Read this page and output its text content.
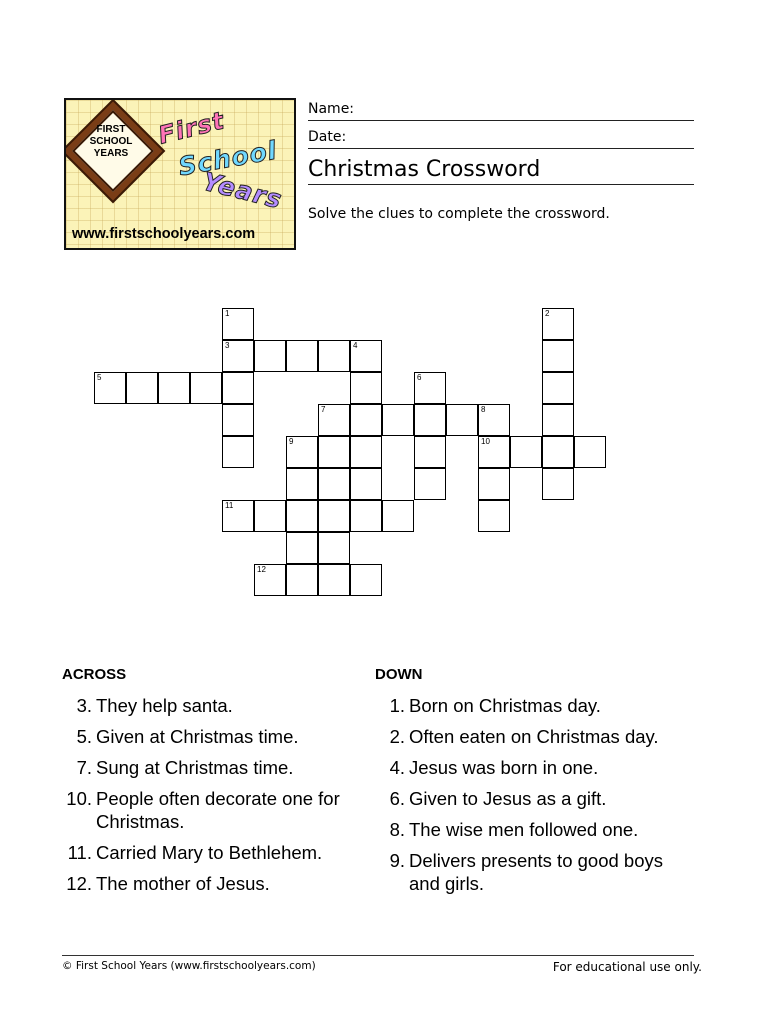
FIRST SCHOOL YEARS
First
School
Years
www.firstschoolyears.com
Name:
Date:
Christmas Crossword
Solve the clues to complete the crossword.
1
3
2
4
5	6
7	8
10
9
11
12
ACROSS	DOWN
3. They help santa.
5. Given at Christmas time.
7. Sung at Christmas time.
10. People often decorate one for Christmas.
11. Carried Mary to Bethlehem.
12. The mother of Jesus.
1. Born on Christmas day.
2. Often eaten on Christmas day.
4. Jesus was born in one.
6. Given to Jesus as a gift.
8. The wise men followed one.
9. Delivers presents to good boys and girls.
© First School Years (www.firstschoolyears.com)	For educational use only.
